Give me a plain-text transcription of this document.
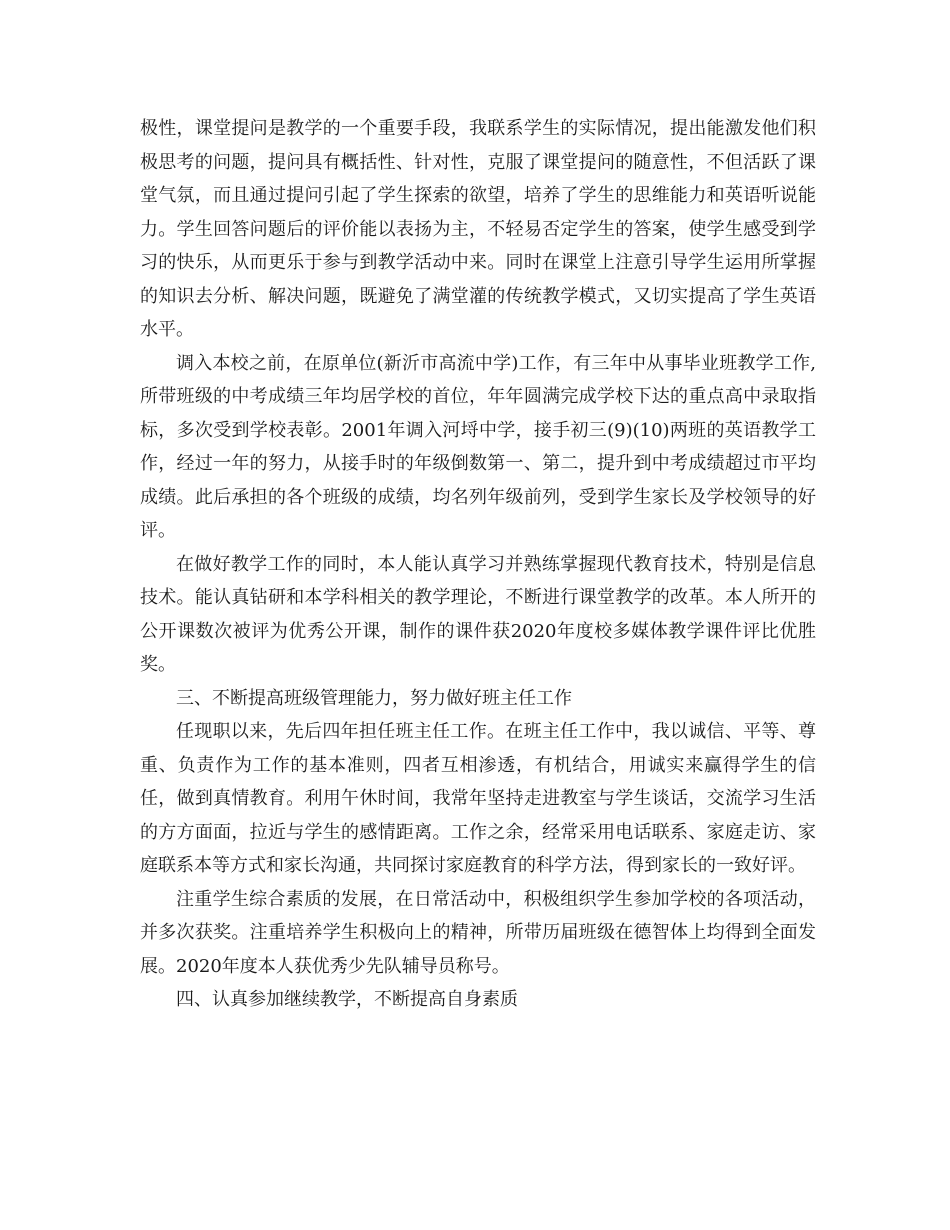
极性，课堂提问是教学的一个重要手段，我联系学生的实际情况，提出能激发他们积极思考的问题，提问具有概括性、针对性，克服了课堂提问的随意性，不但活跃了课堂气氛，而且通过提问引起了学生探索的欲望，培养了学生的思维能力和英语听说能力。学生回答问题后的评价能以表扬为主，不轻易否定学生的答案，使学生感受到学习的快乐，从而更乐于参与到教学活动中来。同时在课堂上注意引导学生运用所掌握的知识去分析、解决问题，既避免了满堂灌的传统教学模式，又切实提高了学生英语水平。

调入本校之前，在原单位(新沂市高流中学)工作，有三年中从事毕业班教学工作,所带班级的中考成绩三年均居学校的首位，年年圆满完成学校下达的重点高中录取指标，多次受到学校表彰。2001年调入河埒中学，接手初三(9)(10)两班的英语教学工作，经过一年的努力，从接手时的年级倒数第一、第二，提升到中考成绩超过市平均成绩。此后承担的各个班级的成绩，均名列年级前列，受到学生家长及学校领导的好评。

在做好教学工作的同时，本人能认真学习并熟练掌握现代教育技术，特别是信息技术。能认真钻研和本学科相关的教学理论，不断进行课堂教学的改革。本人所开的公开课数次被评为优秀公开课，制作的课件获2020年度校多媒体教学课件评比优胜奖。

三、不断提高班级管理能力，努力做好班主任工作

任现职以来，先后四年担任班主任工作。在班主任工作中，我以诚信、平等、尊重、负责作为工作的基本准则，四者互相渗透，有机结合，用诚实来赢得学生的信任，做到真情教育。利用午休时间，我常年坚持走进教室与学生谈话，交流学习生活的方方面面，拉近与学生的感情距离。工作之余，经常采用电话联系、家庭走访、家庭联系本等方式和家长沟通，共同探讨家庭教育的科学方法，得到家长的一致好评。

注重学生综合素质的发展，在日常活动中，积极组织学生参加学校的各项活动，并多次获奖。注重培养学生积极向上的精神，所带历届班级在德智体上均得到全面发展。2020年度本人获优秀少先队辅导员称号。

四、认真参加继续教学，不断提高自身素质
